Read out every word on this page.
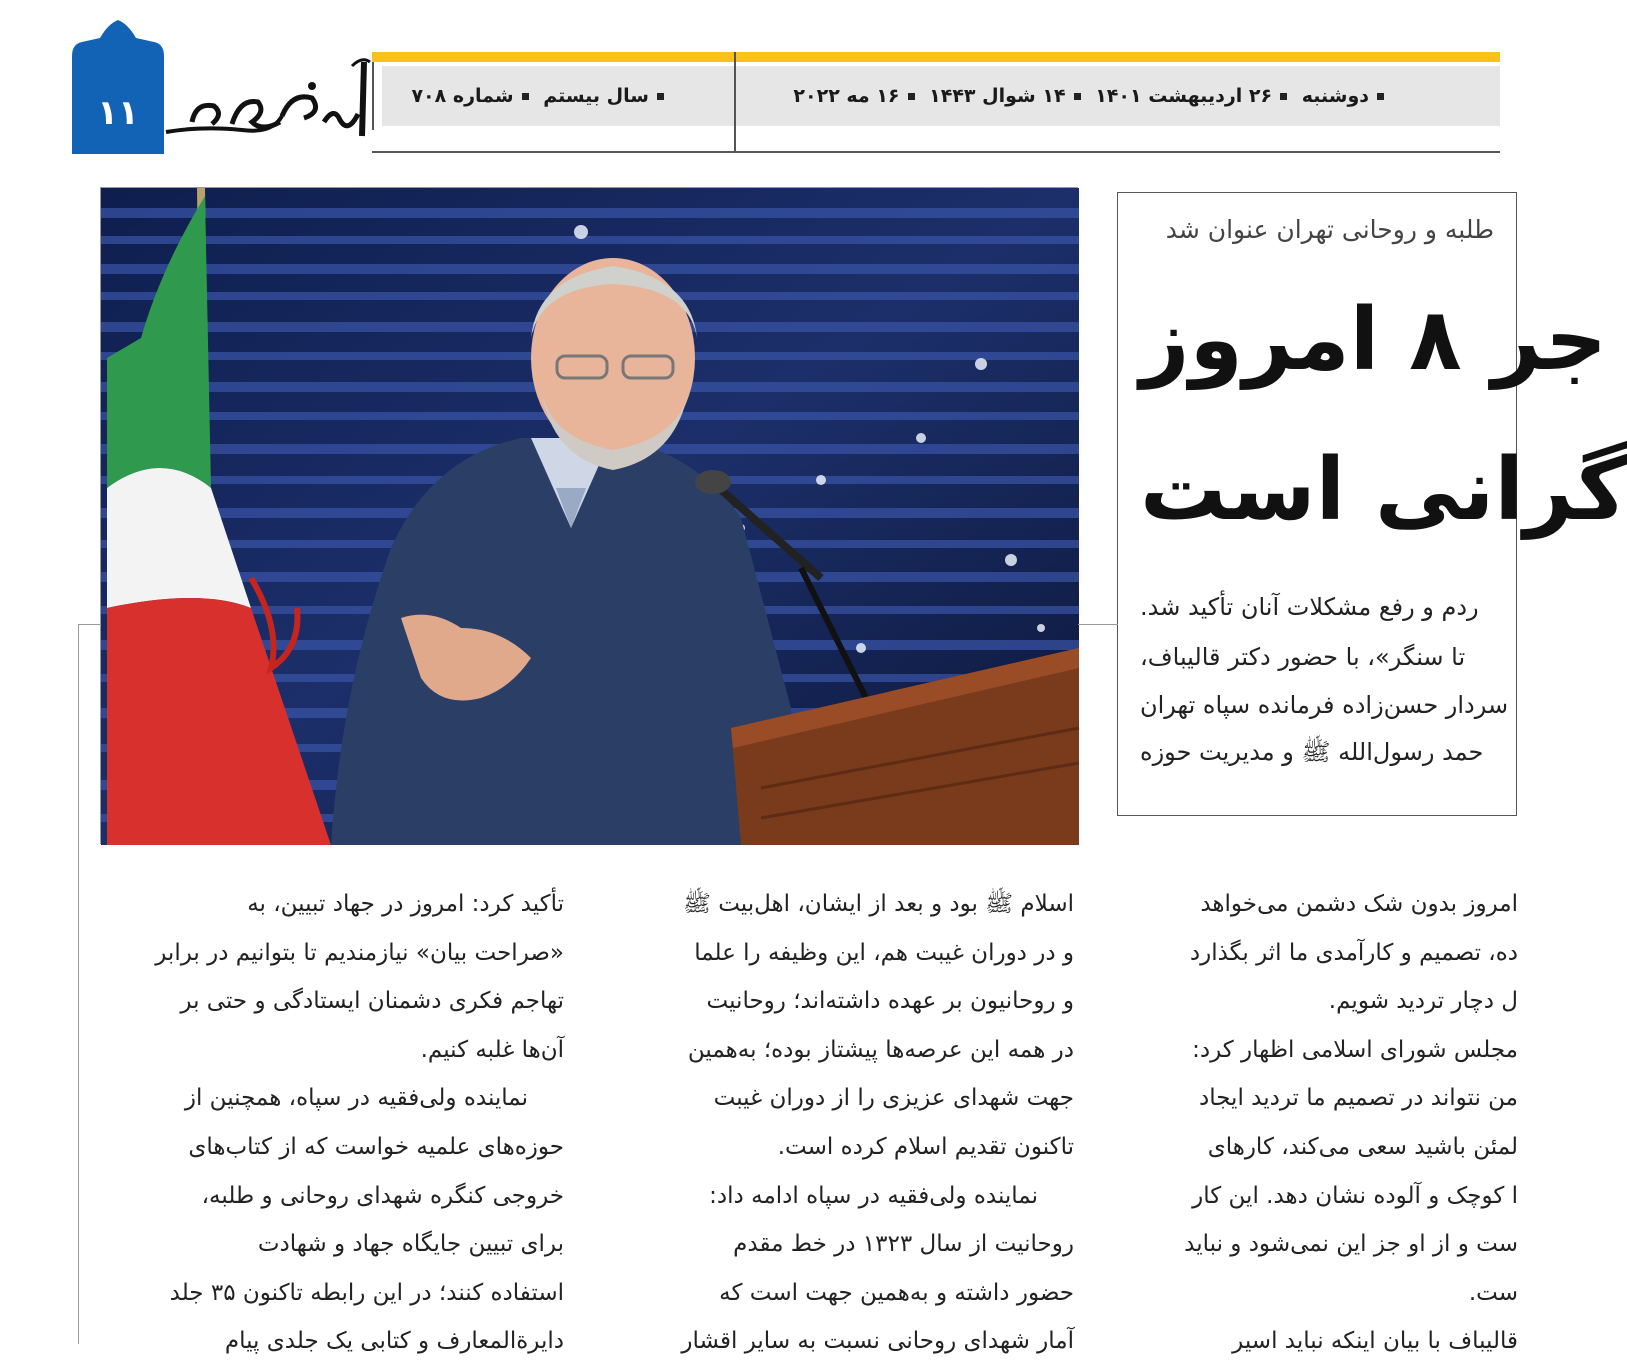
دوشنبه ۲۶ اردیبهشت ۱۴۰۱ ۱۴ شوال ۱۴۴۳ ۱۶ مه ۲۰۲۲
سال بیستم شماره ۷۰۸
۱۱
افق حوزه
طلبه و روحانی تهران عنوان شد
جر ۸ امروز
گرانی است
ردم و رفع مشکلات آنان تأکید شد.
تا سنگر»، با حضور دکتر قالیباف،
سردار حسن‌زاده فرمانده سپاه تهران
حمد رسول‌الله ﷺ و مدیریت حوزه

امروز بدون شک دشمن می‌خواهد

ده، تصمیم و کارآمدی ما اثر بگذارد

ل دچار تردید شویم.

مجلس شورای اسلامی اظهار کرد:

من نتواند در تصمیم ما تردید ایجاد

لمئن باشید سعی می‌کند، کارهای

ا کوچک و آلوده نشان دهد. این کار

ست و از او جز این نمی‌شود و نباید

ست.

قالیباف با بیان اینکه نباید اسیر

اسلام ﷺ بود و بعد از ایشان، اهل‌بیت ﷺ

و در دوران غیبت هم، این وظیفه را علما

و روحانیون بر عهده داشته‌اند؛ روحانیت

در همه این عرصه‌ها پیشتاز بوده؛ به‌همین

جهت شهدای عزیزی را از دوران غیبت

تاکنون تقدیم اسلام کرده است.

نماینده ولی‌فقیه در سپاه ادامه داد:

روحانیت از سال ۱۳۲۳ در خط مقدم

حضور داشته و به‌همین جهت است که

آمار شهدای روحانی نسبت به سایر اقشار

تأکید کرد: امروز در جهاد تبیین، به

«صراحت بیان» نیازمندیم تا بتوانیم در برابر

تهاجم فکری دشمنان ایستادگی و حتی بر

آن‌ها غلبه کنیم.

نماینده ولی‌فقیه در سپاه، همچنین از

حوزه‌های علمیه خواست که از کتاب‌های

خروجی کنگره شهدای روحانی و طلبه،

برای تبیین جایگاه جهاد و شهادت

استفاده کنند؛ در این رابطه تاکنون ۳۵ جلد

دایرةالمعارف و کتابی یک جلدی پیام
